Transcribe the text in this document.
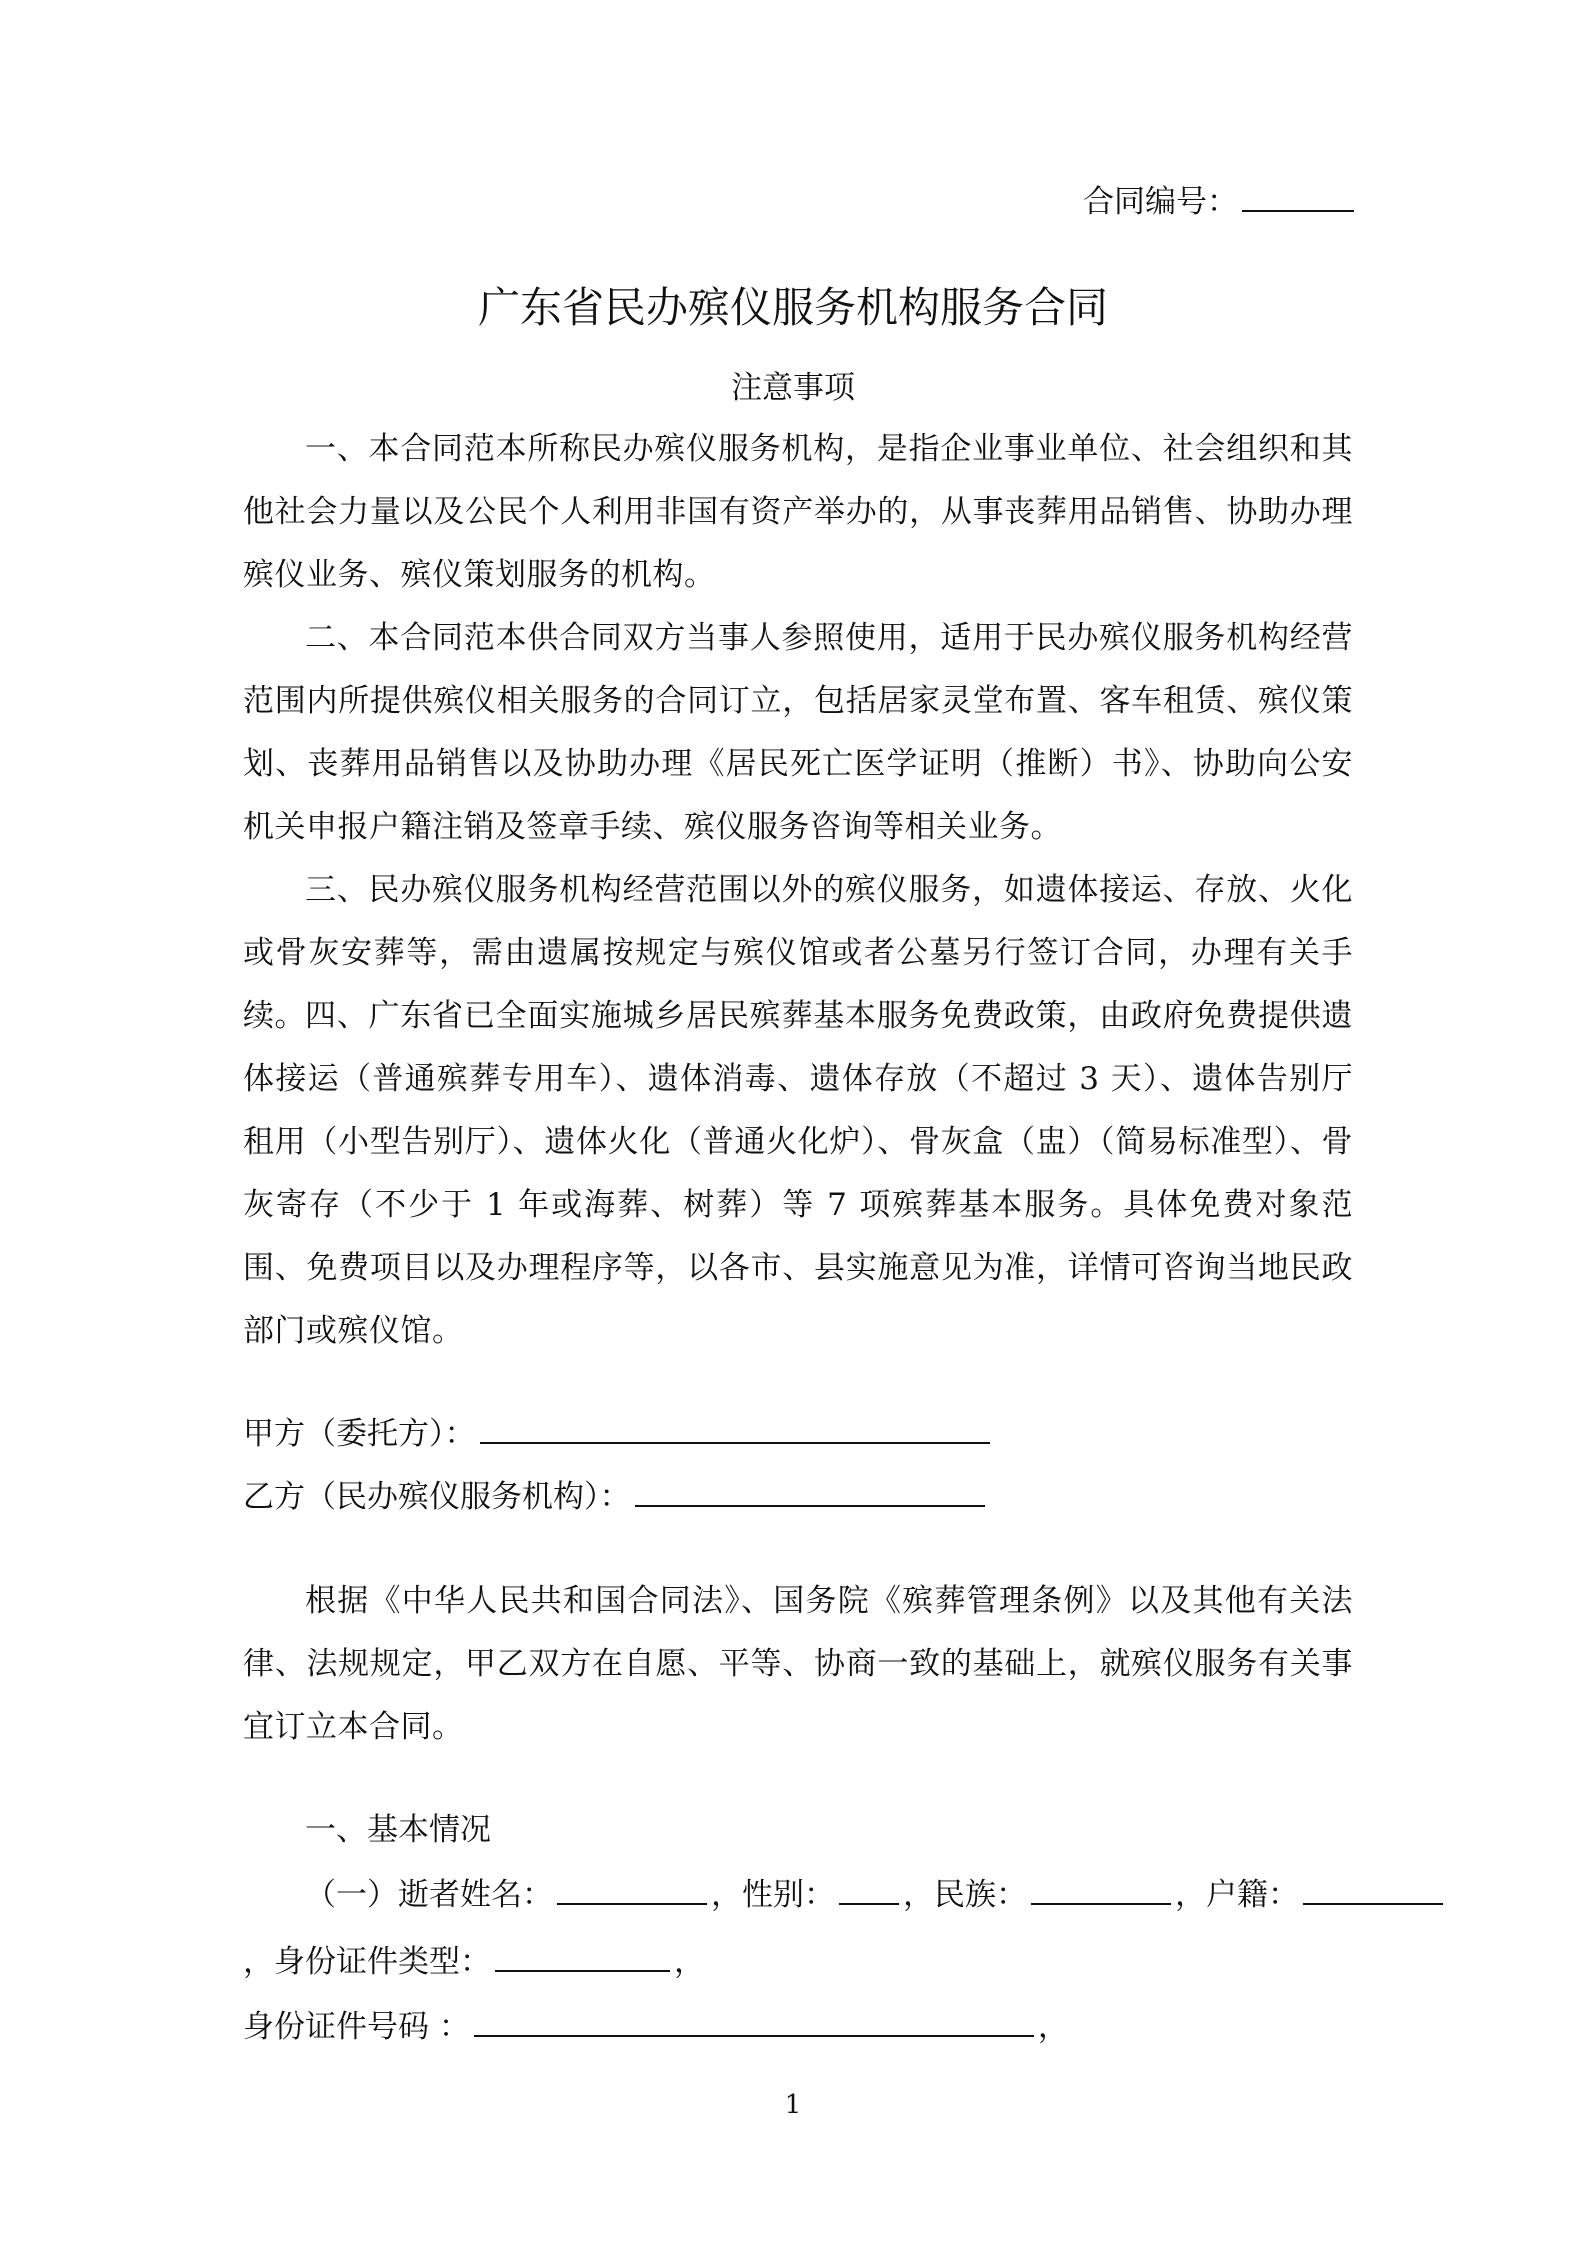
合同编号：
广东省民办殡仪服务机构服务合同
注意事项
一、本合同范本所称民办殡仪服务机构，是指企业事业单位、社会组织和其他社会力量以及公民个人利用非国有资产举办的，从事丧葬用品销售、协助办理殡仪业务、殡仪策划服务的机构。
二、本合同范本供合同双方当事人参照使用，适用于民办殡仪服务机构经营范围内所提供殡仪相关服务的合同订立，包括居家灵堂布置、客车租赁、殡仪策划、丧葬用品销售以及协助办理《居民死亡医学证明（推断）书》、协助向公安机关申报户籍注销及签章手续、殡仪服务咨询等相关业务。
三、民办殡仪服务机构经营范围以外的殡仪服务，如遗体接运、存放、火化或骨灰安葬等，需由遗属按规定与殡仪馆或者公墓另行签订合同，办理有关手续。 四、广东省已全面实施城乡居民殡葬基本服务免费政策，由政府免费提供遗体接运（普通殡葬专用车）、遗体消毒、遗体存放（不超过 3 天）、遗体告别厅租用（小型告别厅）、遗体火化（普通火化炉）、骨灰盒（盅）（简易标准型）、骨灰寄存（不少于 1 年或海葬、树葬）等 7 项殡葬基本服务。具体免费对象范围、免费项目以及办理程序等，以各市、县实施意见为准，详情可咨询当地民政部门或殡仪馆。
甲方（委托方）：
乙方（民办殡仪服务机构）：
根据《中华人民共和国合同法》、国务院《殡葬管理条例》以及其他有关法律、法规规定，甲乙双方在自愿、平等、协商一致的基础上，就殡仪服务有关事宜订立本合同。
一、基本情况
（一）逝者姓名：	，性别： ，民族：	，户籍：
，身份证件类型：	，
身份证件号码 ：	，
1
